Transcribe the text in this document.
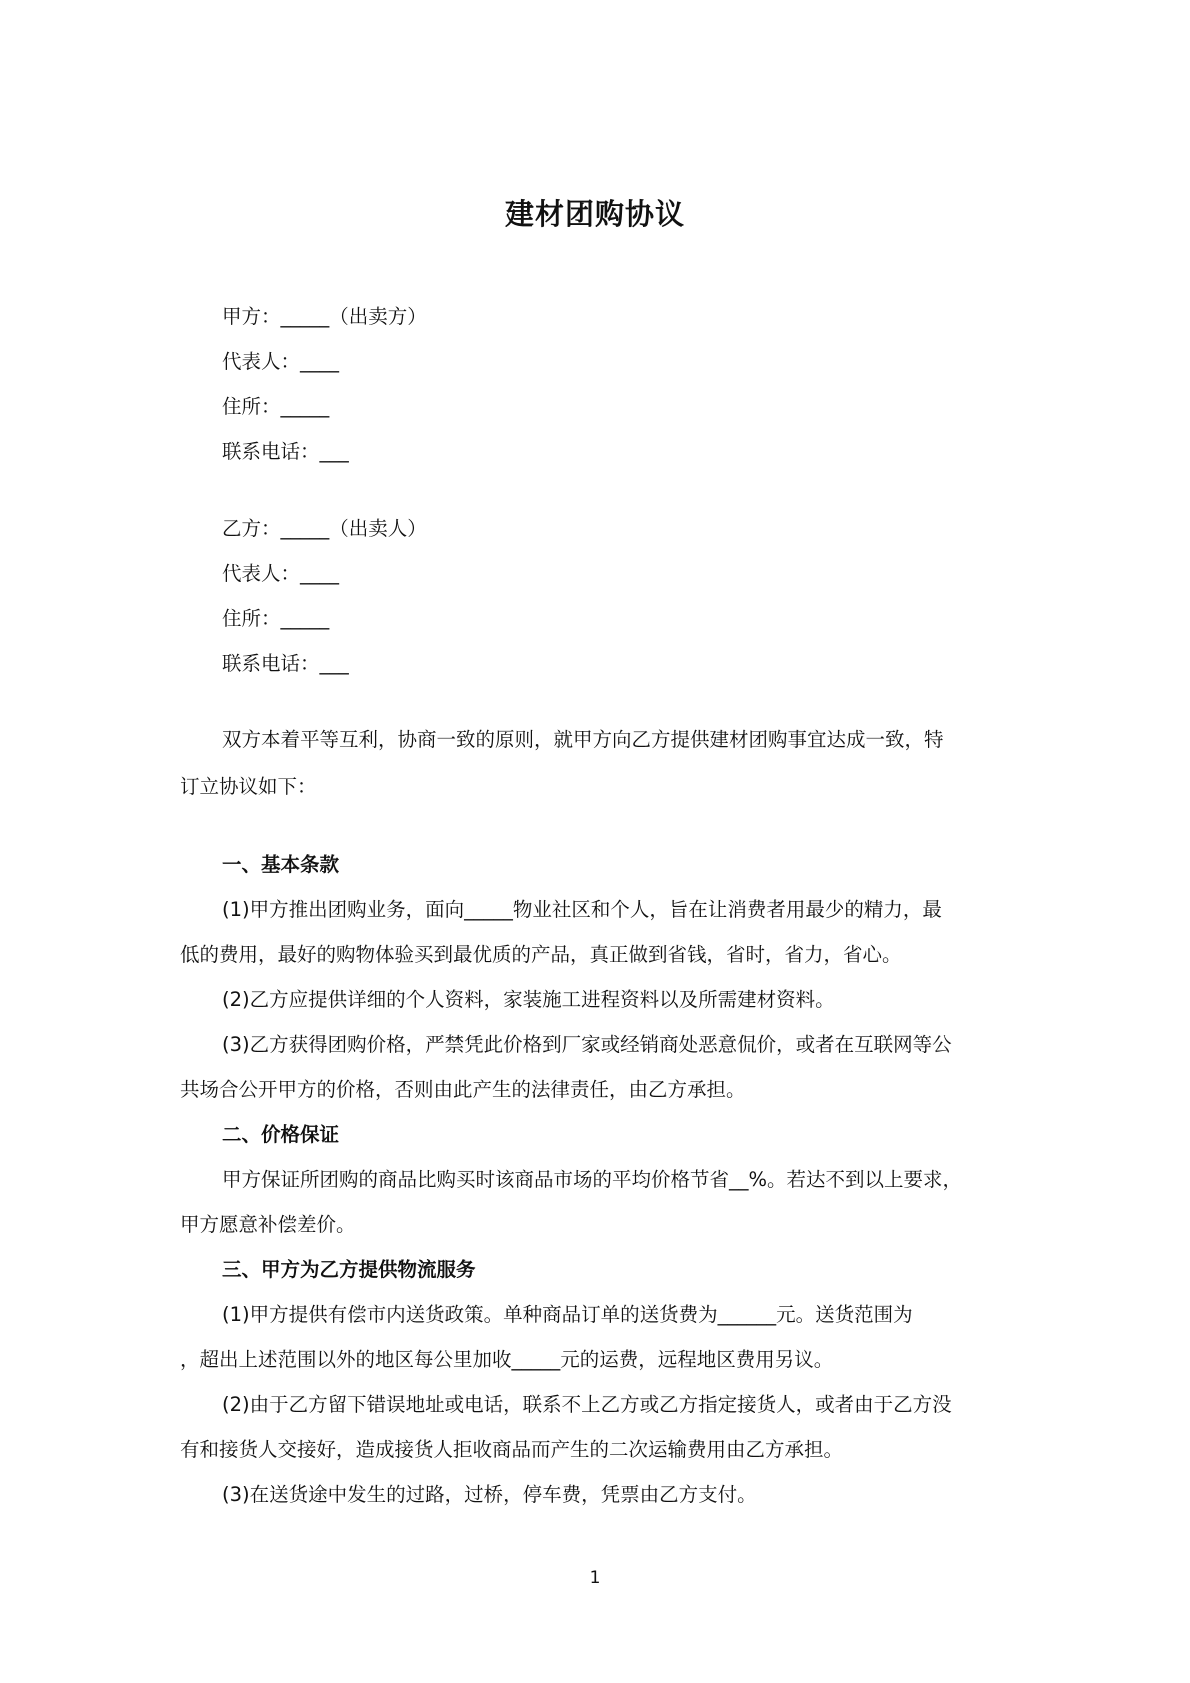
建材团购协议
甲方：_____（出卖方）
代表人：____
住所：_____
联系电话：___
乙方：_____（出卖人）
代表人：____
住所：_____
联系电话：___
双方本着平等互利，协商一致的原则，就甲方向乙方提供建材团购事宜达成一致，特
订立协议如下：
一、基本条款
(1)甲方推出团购业务，面向_____物业社区和个人，旨在让消费者用最少的精力，最
低的费用，最好的购物体验买到最优质的产品，真正做到省钱，省时，省力，省心。
(2)乙方应提供详细的个人资料，家装施工进程资料以及所需建材资料。
(3)乙方获得团购价格，严禁凭此价格到厂家或经销商处恶意侃价，或者在互联网等公
共场合公开甲方的价格，否则由此产生的法律责任，由乙方承担。
二、价格保证
甲方保证所团购的商品比购买时该商品市场的平均价格节省__%。若达不到以上要求，
甲方愿意补偿差价。
三、甲方为乙方提供物流服务
(1)甲方提供有偿市内送货政策。单种商品订单的送货费为______元。送货范围为
，超出上述范围以外的地区每公里加收_____元的运费，远程地区费用另议。
(2)由于乙方留下错误地址或电话，联系不上乙方或乙方指定接货人，或者由于乙方没
有和接货人交接好，造成接货人拒收商品而产生的二次运输费用由乙方承担。
(3)在送货途中发生的过路，过桥，停车费，凭票由乙方支付。
1
